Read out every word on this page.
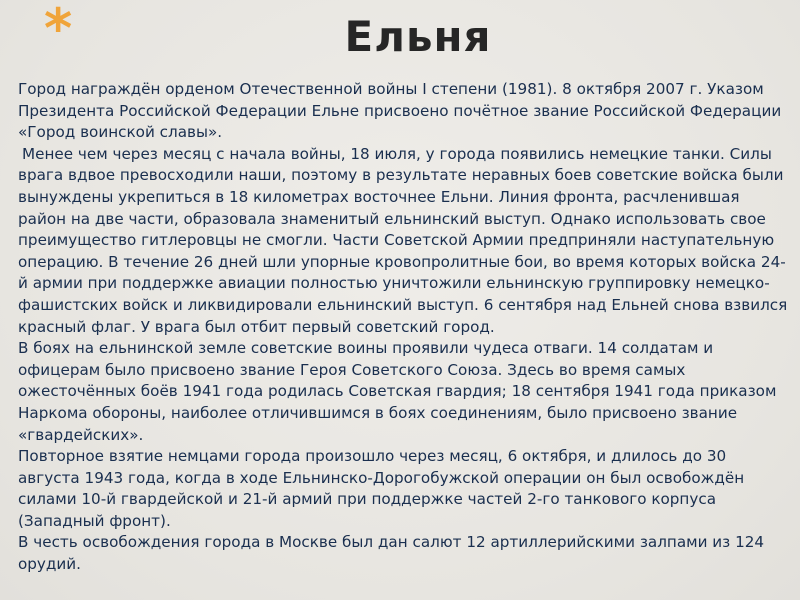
*	Ельня

Город награждён орденом Отечественной войны I степени (1981). 8 октября 2007 г. Указом Президента Российской Федерации Ельне присвоено почётное звание Российской Федерации «Город воинской славы».

Менее чем через месяц с начала войны, 18 июля, у города появились немецкие танки. Силы врага вдвое превосходили наши, поэтому в результате неравных боев советские войска были вынуждены укрепиться в 18 километрах восточнее Ельни. Линия фронта, расчленившая район на две части, образовала знаменитый ельнинский выступ. Однако использовать свое преимущество гитлеровцы не смогли. Части Советской Армии предприняли наступательную операцию. В течение 26 дней шли упорные кровопролитные бои, во время которых войска 24-й армии при поддержке авиации полностью уничтожили ельнинскую группировку немецко-фашистских войск и ликвидировали ельнинский выступ. 6 сентября над Ельней снова взвился красный флаг. У врага был отбит первый советский город.

В боях на ельнинской земле советские воины проявили чудеса отваги. 14 солдатам и офицерам было присвоено звание Героя Советского Союза. Здесь во время самых ожесточённых боёв 1941 года родилась Советская гвардия; 18 сентября 1941 года приказом Наркома обороны, наиболее отличившимся в боях соединениям, было присвоено звание «гвардейских».

Повторное взятие немцами города произошло через месяц, 6 октября, и длилось до 30 августа 1943 года, когда в ходе Ельнинско-Дорогобужской операции он был освобождён силами 10-й гвардейской и 21-й армий при поддержке частей 2-го танкового корпуса (Западный фронт).

В честь освобождения города в Москве был дан салют 12 артиллерийскими залпами из 124 орудий.
